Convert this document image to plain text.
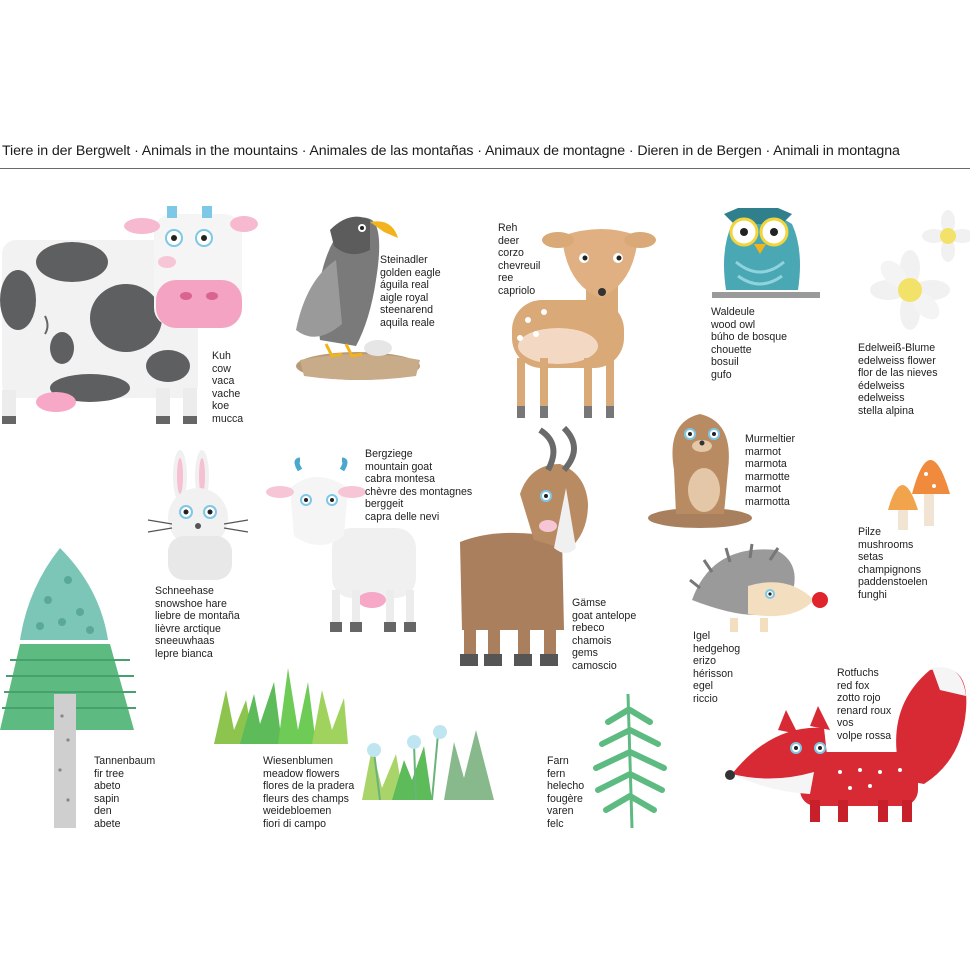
Tiere in der Bergwelt · Animals in the mountains · Animales de las montañas · Animaux de montagne · Dieren in de Bergen · Animali in montagna
Kuh
cow
vaca
vache
koe
mucca
Steinadler
golden eagle
águila real
aigle royal
steenarend
aquila reale
Reh
deer
corzo
chevreuil
ree
capriolo
Waldeule
wood owl
búho de bosque
chouette
bosuil
gufo
Edelweiß-Blume
edelweiss flower
flor de las nieves
édelweiss
edelweiss
stella alpina
Schneehase
snowshoe hare
liebre de montaña
lièvre arctique
sneeuwhaas
lepre bianca
Bergziege
mountain goat
cabra montesa
chèvre des montagnes
berggeit
capra delle nevi
Murmeltier
marmot
marmota
marmotte
marmot
marmotta
Pilze
mushrooms
setas
champignons
paddenstoelen
funghi
Gämse
goat antelope
rebeco
chamois
gems
camoscio
Igel
hedgehog
erizo
hérisson
egel
riccio
Rotfuchs
red fox
zotto rojo
renard roux
vos
volpe rossa
Tannenbaum
fir tree
abeto
sapin
den
abete
Wiesenblumen
meadow flowers
flores de la pradera
fleurs des champs
weidebloemen
fiori di campo
Farn
fern
helecho
fougère
varen
felc
